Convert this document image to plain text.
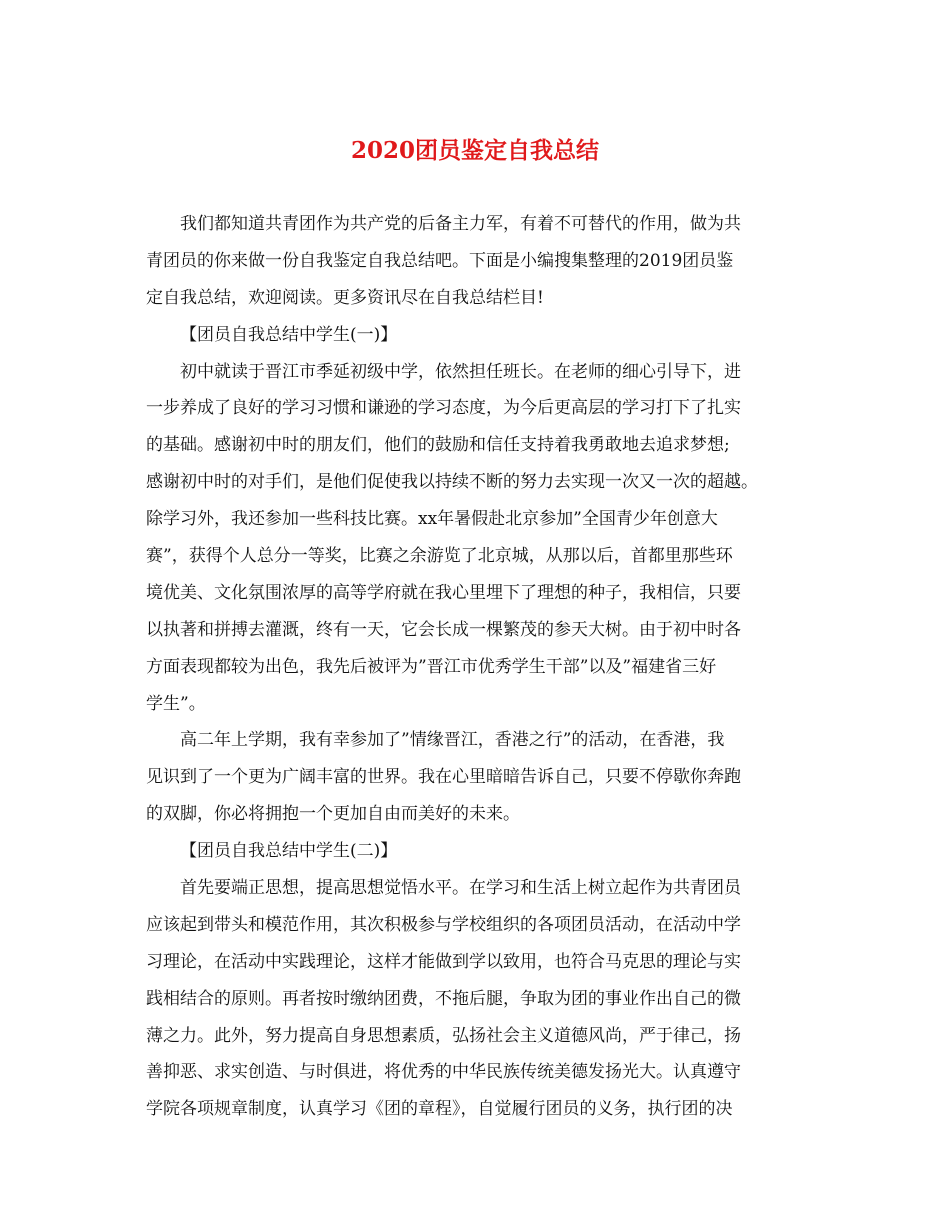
2020团员鉴定自我总结

我们都知道共青团作为共产党的后备主力军，有着不可替代的作用，做为共

青团员的你来做一份自我鉴定自我总结吧。下面是小编搜集整理的2019团员鉴

定自我总结，欢迎阅读。更多资讯尽在自我总结栏目!

【团员自我总结中学生(一)】

初中就读于晋江市季延初级中学，依然担任班长。在老师的细心引导下，进

一步养成了良好的学习习惯和谦逊的学习态度，为今后更高层的学习打下了扎实

的基础。感谢初中时的朋友们，他们的鼓励和信任支持着我勇敢地去追求梦想;

感谢初中时的对手们，是他们促使我以持续不断的努力去实现一次又一次的超越。

除学习外，我还参加一些科技比赛。xx年暑假赴北京参加”全国青少年创意大

赛”，获得个人总分一等奖，比赛之余游览了北京城，从那以后，首都里那些环

境优美、文化氛围浓厚的高等学府就在我心里埋下了理想的种子，我相信，只要

以执著和拼搏去灌溉，终有一天，它会长成一棵繁茂的参天大树。由于初中时各

方面表现都较为出色，我先后被评为”晋江市优秀学生干部”以及”福建省三好

学生”。

高二年上学期，我有幸参加了”情缘晋江，香港之行”的活动，在香港，我

见识到了一个更为广阔丰富的世界。我在心里暗暗告诉自己，只要不停歇你奔跑

的双脚，你必将拥抱一个更加自由而美好的未来。

【团员自我总结中学生(二)】

首先要端正思想，提高思想觉悟水平。在学习和生活上树立起作为共青团员

应该起到带头和模范作用，其次积极参与学校组织的各项团员活动，在活动中学

习理论，在活动中实践理论，这样才能做到学以致用，也符合马克思的理论与实

践相结合的原则。再者按时缴纳团费，不拖后腿，争取为团的事业作出自己的微

薄之力。此外，努力提高自身思想素质，弘扬社会主义道德风尚，严于律己，扬

善抑恶、求实创造、与时俱进，将优秀的中华民族传统美德发扬光大。认真遵守

学院各项规章制度，认真学习《团的章程》，自觉履行团员的义务，执行团的决
